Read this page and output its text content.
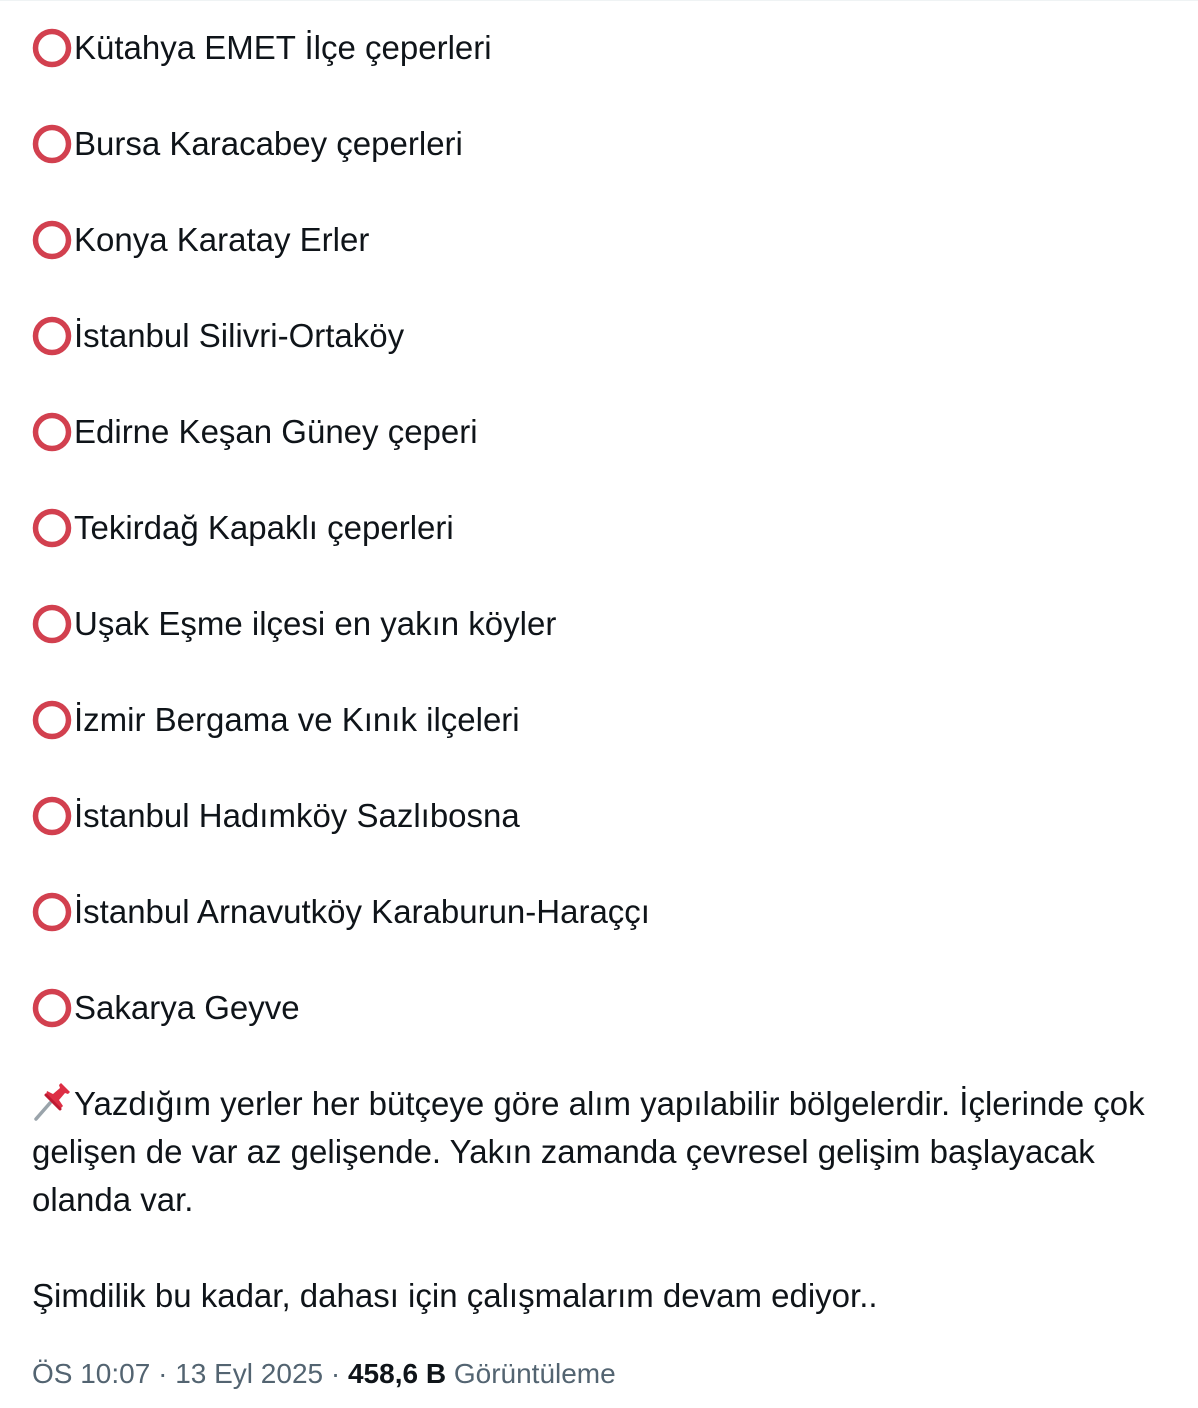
Kütahya EMET İlçe çeperleri
Bursa Karacabey çeperleri
Konya Karatay Erler
İstanbul Silivri-Ortaköy
Edirne Keşan Güney çeperi
Tekirdağ Kapaklı çeperleri
Uşak Eşme ilçesi en yakın köyler
İzmir Bergama ve Kınık ilçeleri
İstanbul Hadımköy Sazlıbosna
İstanbul Arnavutköy Karaburun-Haraççı
Sakarya Geyve

Yazdığım yerler her bütçeye göre alım yapılabilir bölgelerdir. İçlerinde çok gelişen de var az gelişende. Yakın zamanda çevresel gelişim başlayacak olanda var.

Şimdilik bu kadar, dahası için çalışmalarım devam ediyor..

ÖS 10:07 · 13 Eyl 2025 · 458,6 B Görüntüleme
